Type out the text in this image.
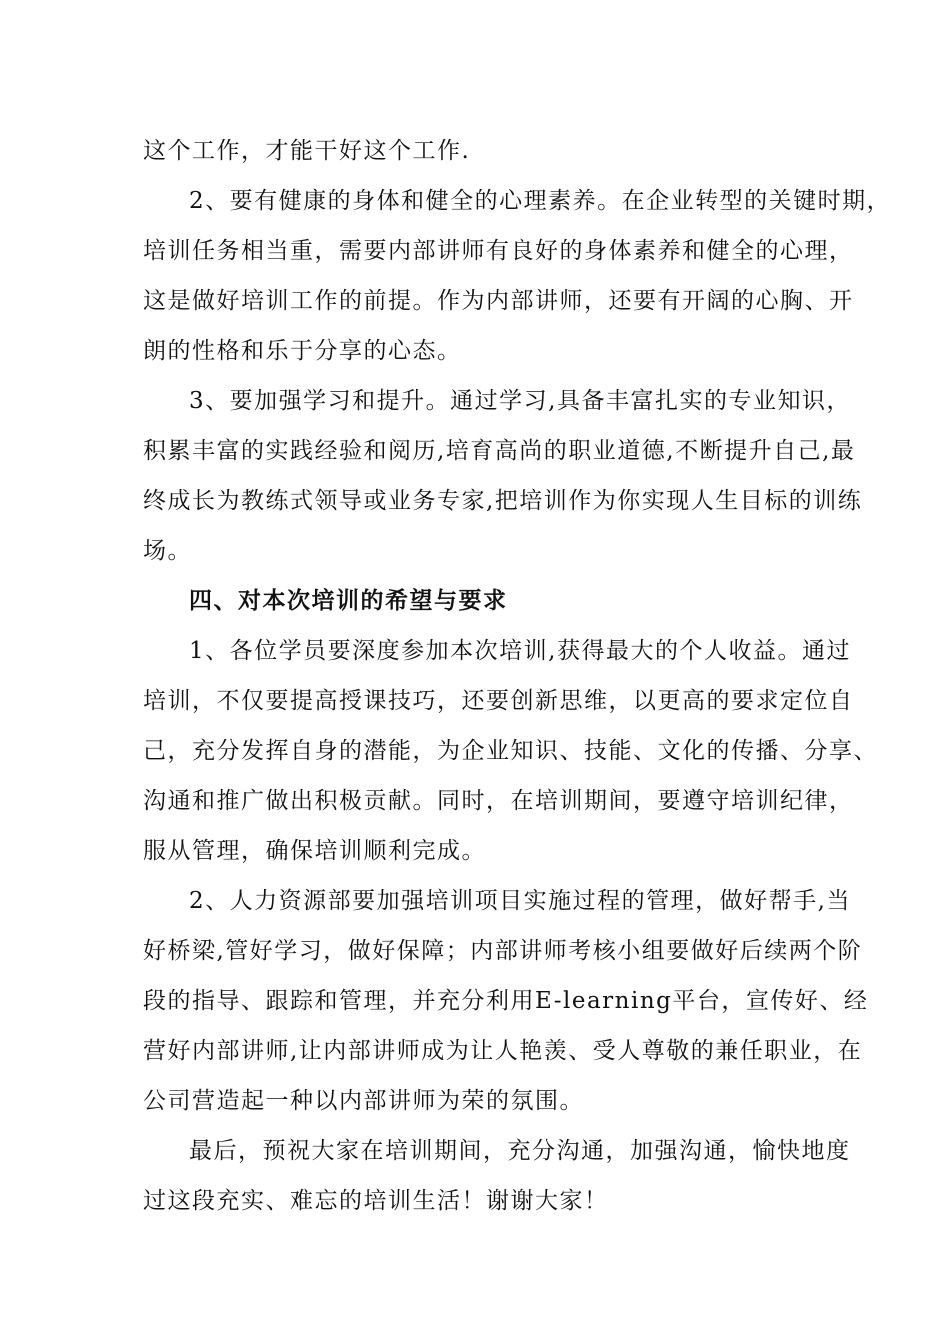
这个工作，才能干好这个工作.
2、要有健康的身体和健全的心理素养。在企业转型的关键时期，
培训任务相当重，需要内部讲师有良好的身体素养和健全的心理，
这是做好培训工作的前提。作为内部讲师，还要有开阔的心胸、开
朗的性格和乐于分享的心态。
3、要加强学习和提升。通过学习,具备丰富扎实的专业知识，
积累丰富的实践经验和阅历,培育高尚的职业道德,不断提升自己,最
终成长为教练式领导或业务专家,把培训作为你实现人生目标的训练
场。
四、对本次培训的希望与要求
1、各位学员要深度参加本次培训,获得最大的个人收益。通过
培训，不仅要提高授课技巧，还要创新思维，以更高的要求定位自
己，充分发挥自身的潜能，为企业知识、技能、文化的传播、分享、
沟通和推广做出积极贡献。同时，在培训期间，要遵守培训纪律，
服从管理，确保培训顺利完成。
2、人力资源部要加强培训项目实施过程的管理，做好帮手,当
好桥梁,管好学习，做好保障；内部讲师考核小组要做好后续两个阶
段的指导、跟踪和管理，并充分利用E-learning平台，宣传好、经
营好内部讲师,让内部讲师成为让人艳羡、受人尊敬的兼任职业，在
公司营造起一种以内部讲师为荣的氛围。
最后，预祝大家在培训期间，充分沟通，加强沟通，愉快地度
过这段充实、难忘的培训生活！谢谢大家！
